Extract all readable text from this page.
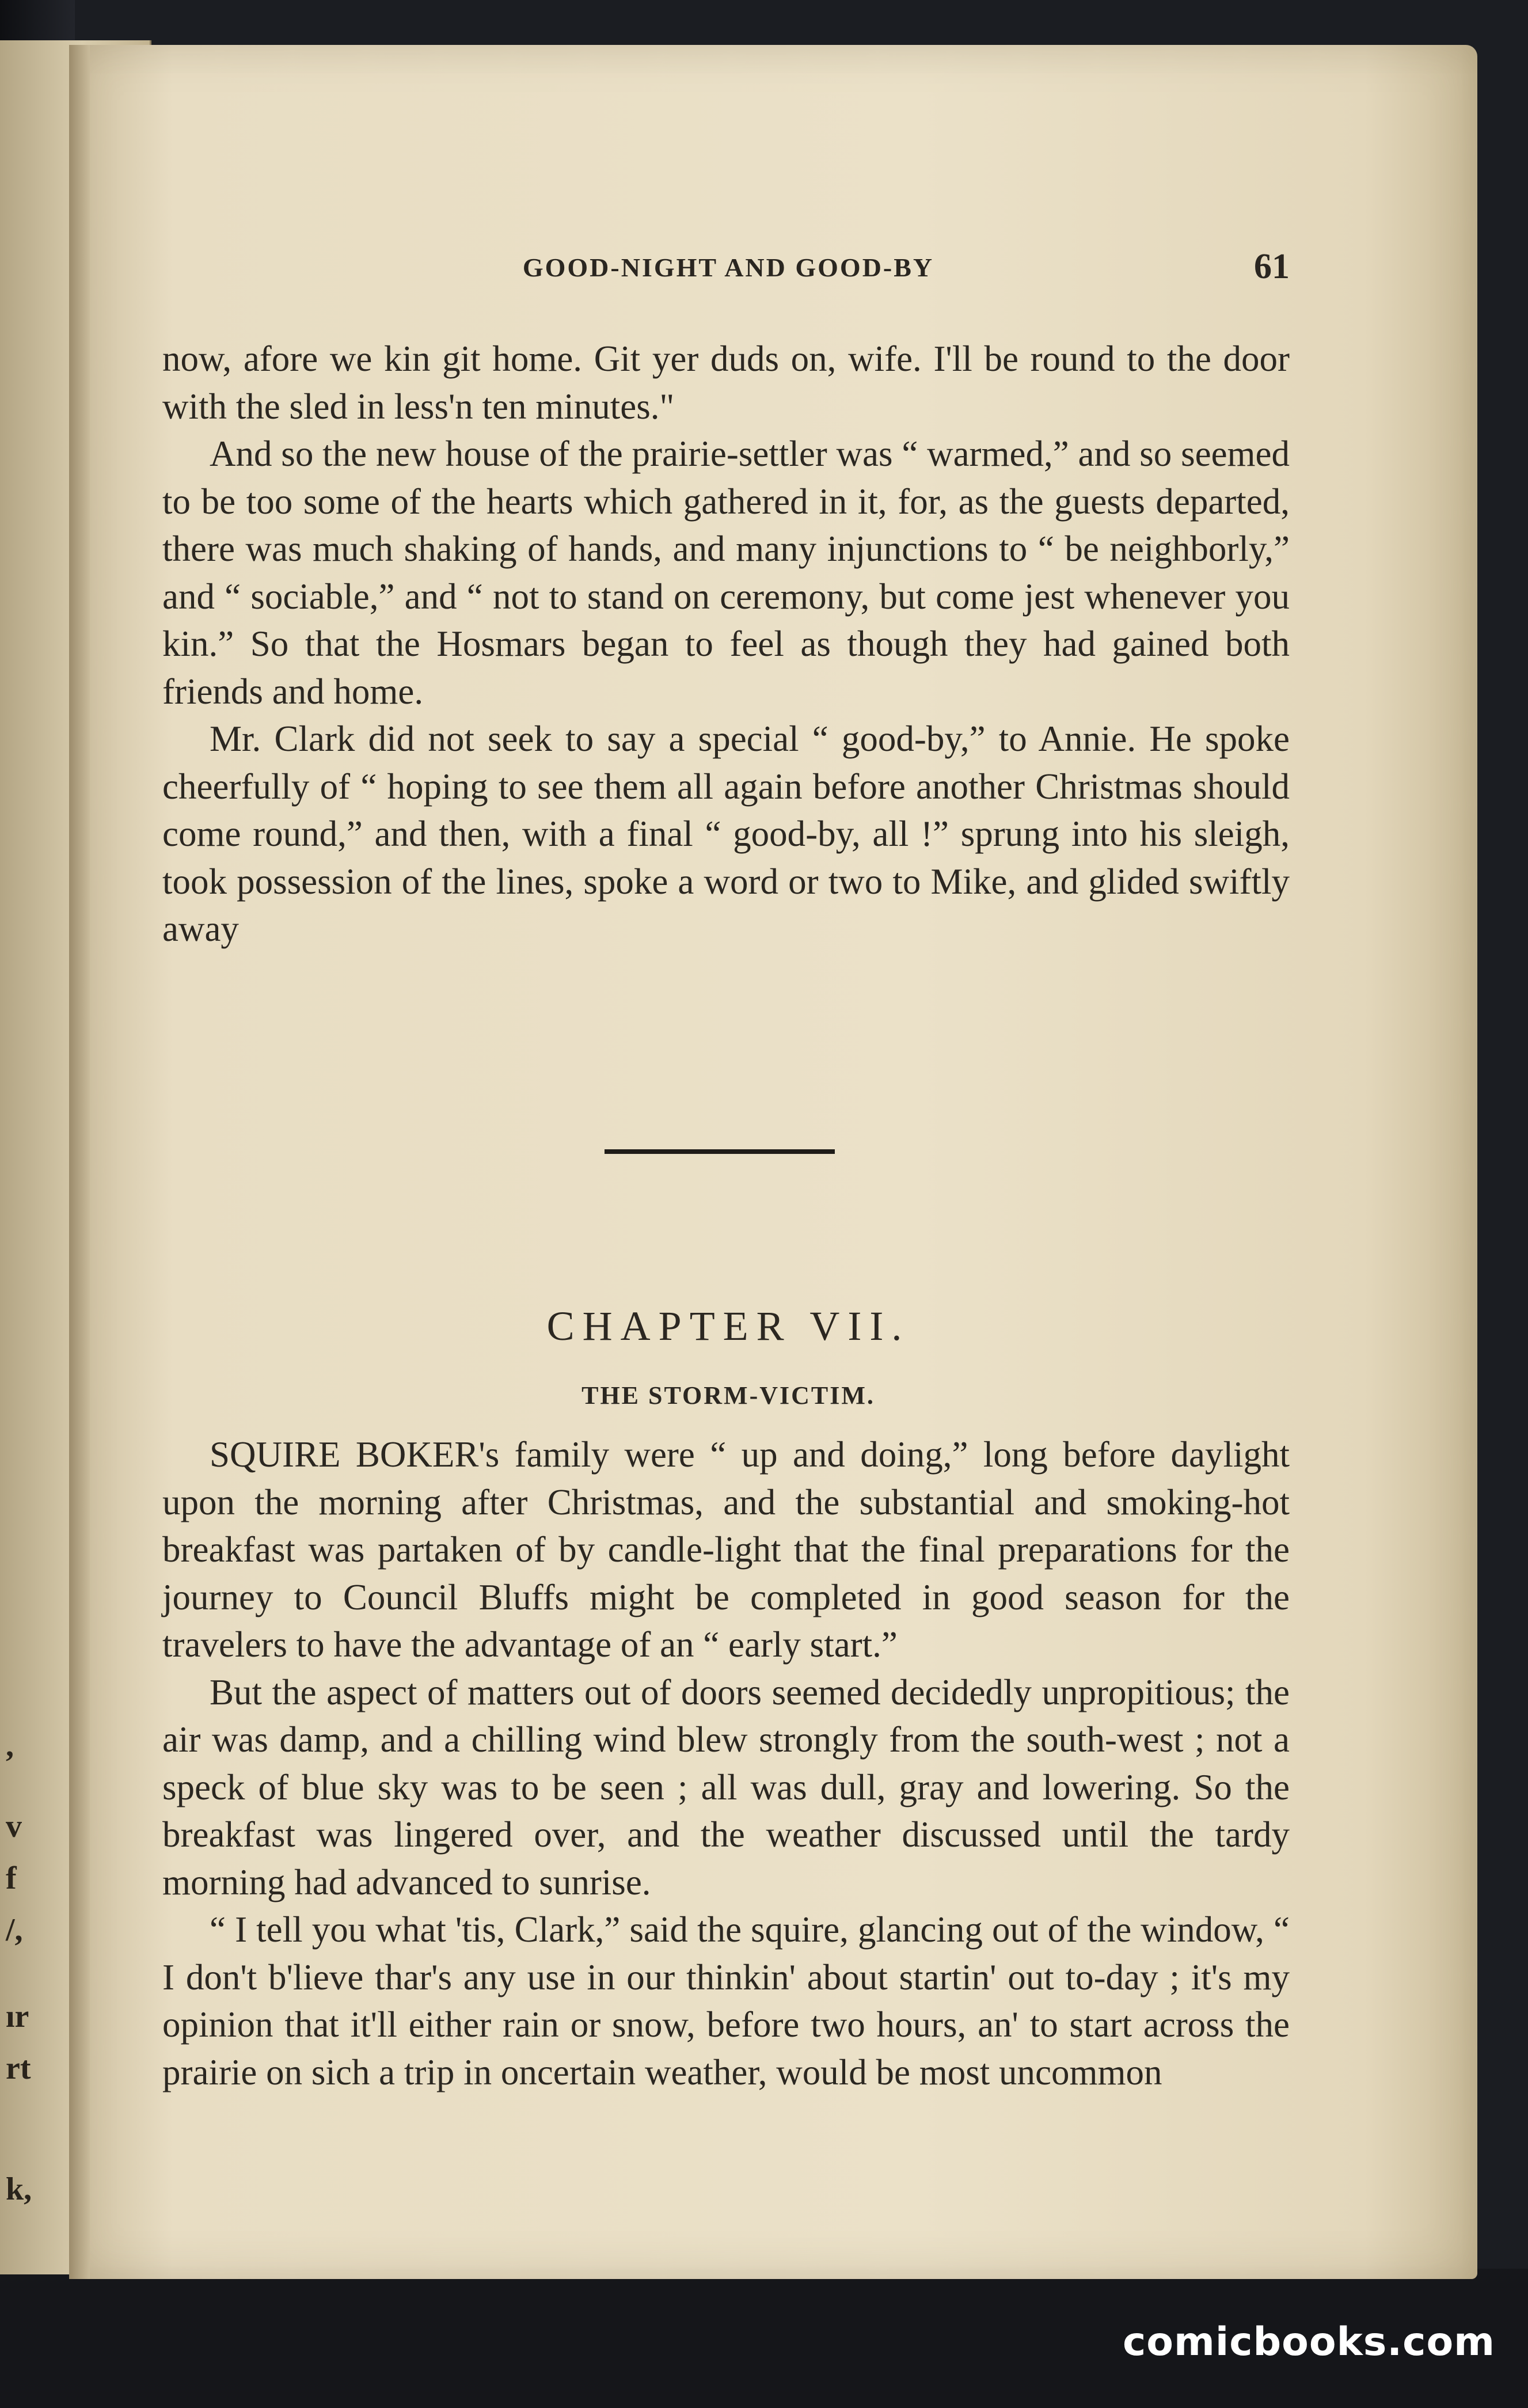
,
v
f
/,
ır
rt
k,
GOOD-NIGHT AND GOOD-BY	61

now, afore we kin git home. Git yer duds on, wife. I'll be round to the door with the sled in less'n ten minutes."

And so the new house of the prairie-settler was “ warmed,” and so seemed to be too some of the hearts which gathered in it, for, as the guests departed, there was much shaking of hands, and many injunctions to “ be neighborly,” and “ sociable,” and “ not to stand on ceremony, but come jest whenever you kin.” So that the Hosmars began to feel as though they had gained both friends and home.

Mr. Clark did not seek to say a special “ good-by,” to Annie. He spoke cheerfully of “ hoping to see them all again before another Christmas should come round,” and then, with a final “ good-by, all !” sprung into his sleigh, took possession of the lines, spoke a word or two to Mike, and glided swiftly away

CHAPTER VII.
THE STORM-VICTIM.

SQUIRE BOKER's family were “ up and doing,” long before daylight upon the morning after Christmas, and the substantial and smoking-hot breakfast was partaken of by candle-light that the final preparations for the journey to Council Bluffs might be completed in good season for the travelers to have the advantage of an “ early start.”

But the aspect of matters out of doors seemed decidedly unpropitious; the air was damp, and a chilling wind blew strongly from the south-west ; not a speck of blue sky was to be seen ; all was dull, gray and lowering. So the breakfast was lingered over, and the weather discussed until the tardy morning had advanced to sunrise.

“ I tell you what 'tis, Clark,” said the squire, glancing out of the window, “ I don't b'lieve thar's any use in our thinkin' about startin' out to-day ; it's my opinion that it'll either rain or snow, before two hours, an' to start across the prairie on sich a trip in oncertain weather, would be most uncommon

comicbooks.com
